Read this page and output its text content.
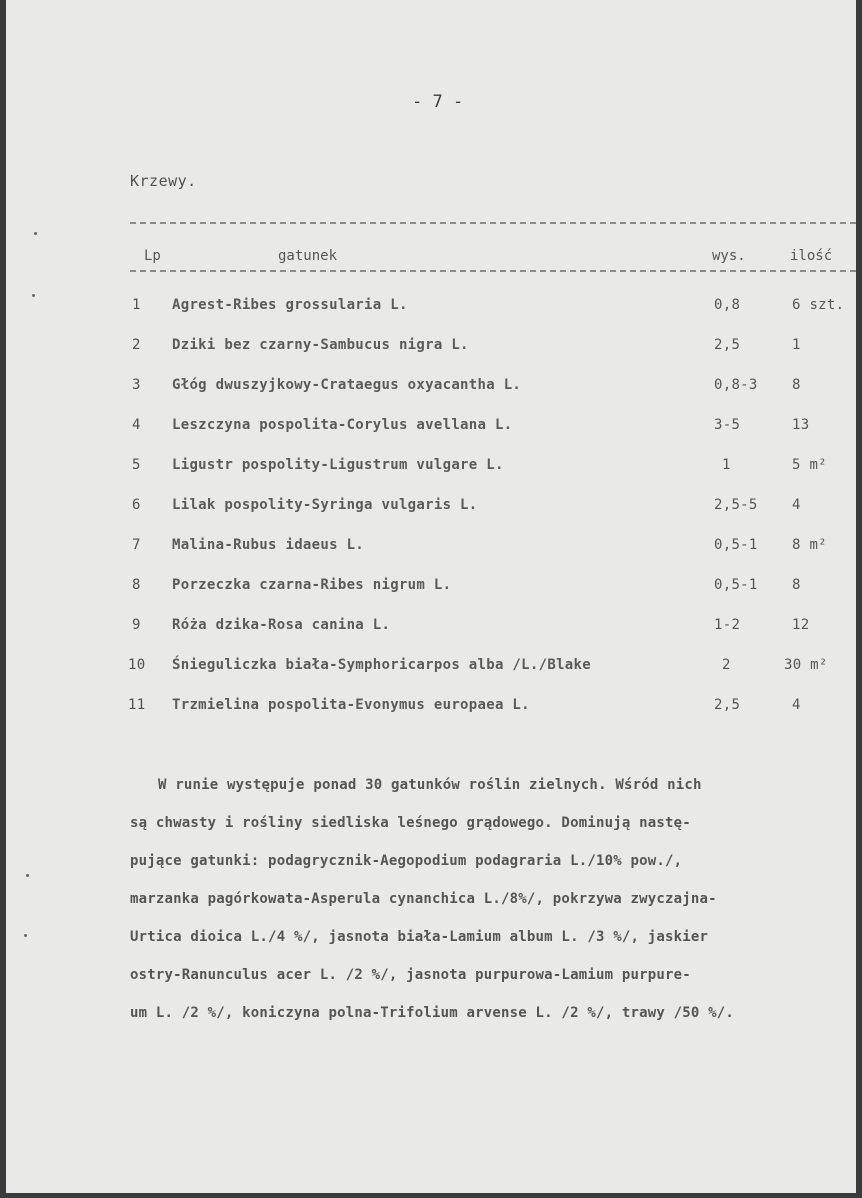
- 7 -
Krzewy.
Lp	gatunek	wys.	ilość
1 Agrest-Ribes grossularia L.	0,8	6 szt.
2 Dziki bez czarny-Sambucus nigra L.	2,5	1
3 Głóg dwuszyjkowy-Crataegus oxyacantha L.	0,8-3 8
4 Leszczyna pospolita-Corylus avellana L.	3-5	13
5 Ligustr pospolity-Ligustrum vulgare L.	1	5 m²
6 Lilak pospolity-Syringa vulgaris L.	2,5-5 4
7 Malina-Rubus idaeus L.	0,5-1 8 m²
8 Porzeczka czarna-Ribes nigrum L.	0,5-1 8
9 Róża dzika-Rosa canina L.	1-2	12
10 Śnieguliczka biała-Symphoricarpos alba /L./Blake	2	30 m²
11 Trzmielina pospolita-Evonymus europaea L.	2,5	4
W runie występuje ponad 30 gatunków roślin zielnych. Wśród nich
są chwasty i rośliny siedliska leśnego grądowego. Dominują nastę-
pujące gatunki: podagrycznik-Aegopodium podagraria L./10% pow./,
marzanka pagórkowata-Asperula cynanchica L./8%/, pokrzywa zwyczajna-
Urtica dioica L./4 %/, jasnota biała-Lamium album L. /3 %/, jaskier
ostry-Ranunculus acer L. /2 %/, jasnota purpurowa-Lamium purpure-
um L. /2 %/, koniczyna polna-Trifolium arvense L. /2 %/, trawy /50 %/.
